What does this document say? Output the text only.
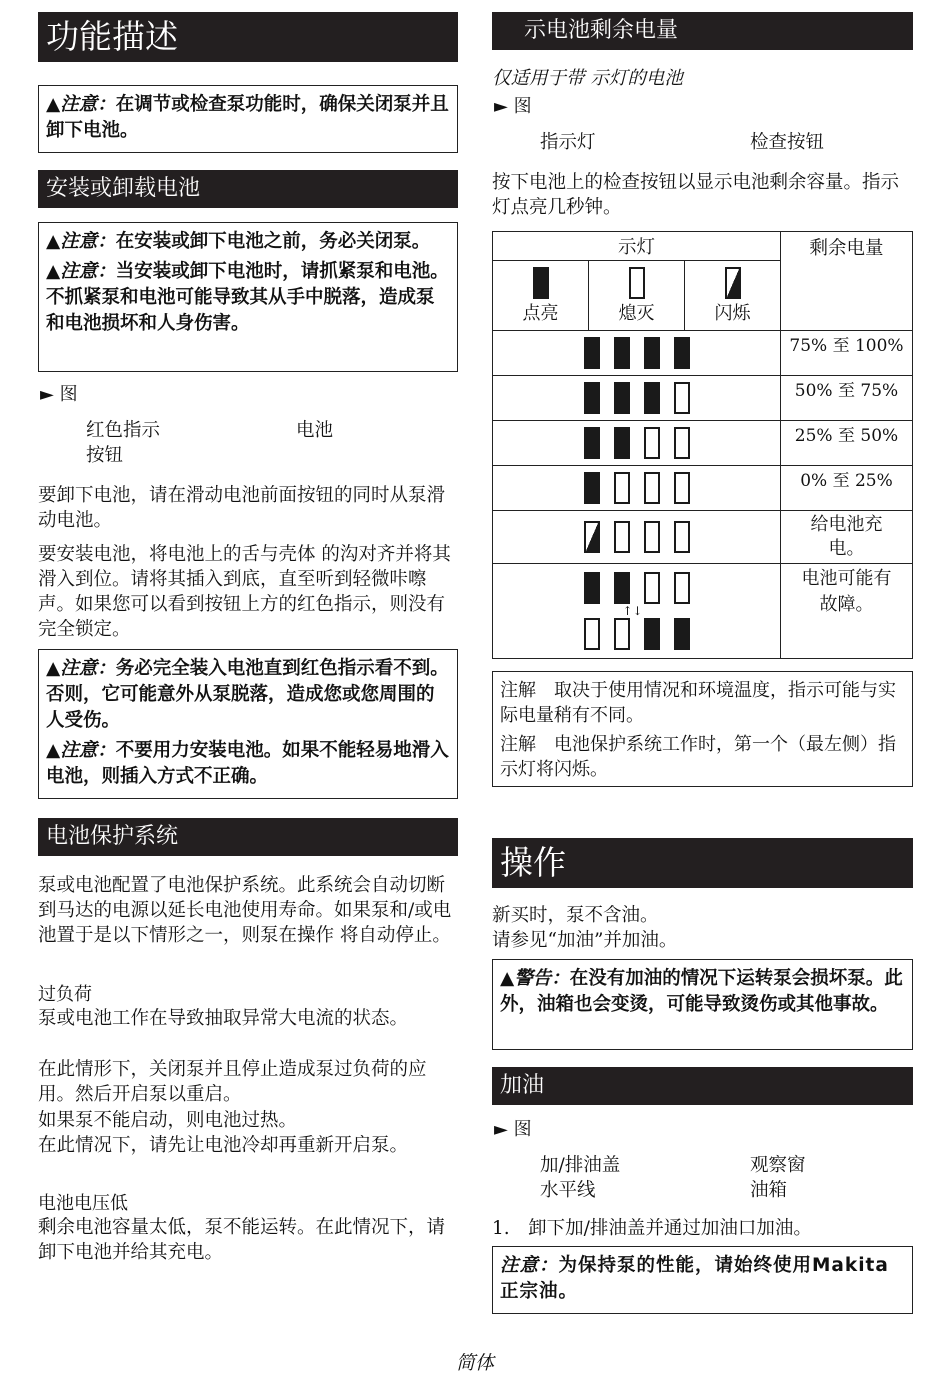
功能描述

▲注意：在调节或检查泵功能时，确保关闭泵并且卸下电池。

安装或卸载电池

▲注意：在安装或卸下电池之前，务必关闭泵。

▲注意：当安装或卸下电池时，请抓紧泵和电池。不抓紧泵和电池可能导致其从手中脱落，造成泵和电池损坏和人身伤害。

► 图
红色指示
按钮
电池

要卸下电池，请在滑动电池前面按钮的同时从泵滑动电池。

要安装电池，将电池上的舌与壳体 的沟对齐并将其滑入到位。请将其插入到底，直至听到轻微咔嚓声。如果您可以看到按钮上方的红色指示，则没有完全锁定。

▲注意：务必完全装入电池直到红色指示看不到。否则，它可能意外从泵脱落，造成您或您周围的人受伤。

▲注意：不要用力安装电池。如果不能轻易地滑入电池，则插入方式不正确。

电池保护系统

泵或电池配置了电池保护系统。此系统会自动切断到马达的电源以延长电池使用寿命。如果泵和/或电池置于是以下情形之一，则泵在操作 将自动停止。

过负荷
泵或电池工作在导致抽取异常大电流的状态。
在此情形下，关闭泵并且停止造成泵过负荷的应用。然后开启泵以重启。
如果泵不能启动，则电池过热。
在此情况下，请先让电池冷却再重新开启泵。
电池电压低
剩余电池容量太低，泵不能运转。在此情况下，请卸下电池并给其充电。
示电池剩余电量
仅适用于带 示灯的电池
► 图
指示灯	检查按钮

按下电池上的检查按钮以显示电池剩余容量。指示灯点亮几秒钟。

示灯			剩余电量

点亮	熄灭	闪烁	

			75% 至 100%

			50% 至 75%

			25% 至 50%

			0% 至 25%

			给电池充电。

↑↓			电池可能有故障。

注解　 取决于使用情况和环境温度，指示可能与实际电量稍有不同。

注解　 电池保护系统工作时，第一个（最左侧）指示灯将闪烁。

操作
新买时，泵不含油。
请参见“加油”并加油。

▲警告：在没有加油的情况下运转泵会损坏泵。此外，油箱也会变烫，可能导致烫伤或其他事故。

加油
► 图
加/排油盖
水平线
观察窗
油箱
1.　卸下加/排油盖并通过加油口加油。

注意：为保持泵的性能，请始终使用Makita正宗油。

简体
